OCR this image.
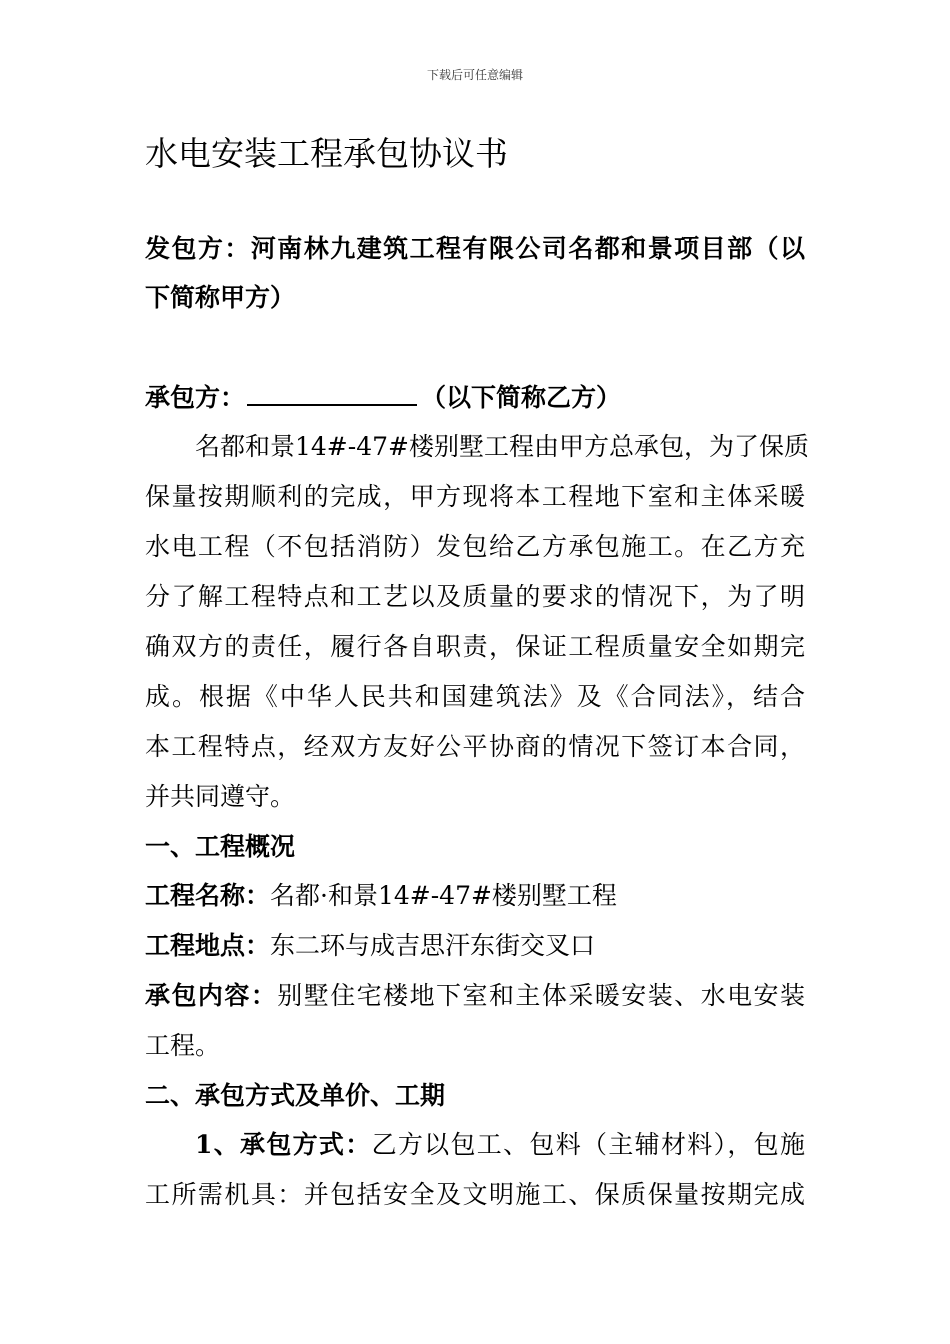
下载后可任意编辑
水电安装工程承包协议书
发包方：河南林九建筑工程有限公司名都和景项目部（以
下简称甲方）
承包方：	（以下简称乙方）
名都和景14#-47#楼别墅工程由甲方总承包，为了保质
保量按期顺利的完成，甲方现将本工程地下室和主体采暖
水电工程（不包括消防）发包给乙方承包施工。在乙方充
分了解工程特点和工艺以及质量的要求的情况下，为了明
确双方的责任，履行各自职责，保证工程质量安全如期完
成。根据《中华人民共和国建筑法》及《合同法》，结合
本工程特点，经双方友好公平协商的情况下签订本合同，
并共同遵守。
一、工程概况
工程名称：名都·和景14#-47#楼别墅工程
工程地点：东二环与成吉思汗东街交叉口
承包内容：别墅住宅楼地下室和主体采暖安装、水电安装
工程。
二、承包方式及单价、工期
1、承包方式：乙方以包工、包料（主辅材料），包施
工所需机具：并包括安全及文明施工、保质保量按期完成
